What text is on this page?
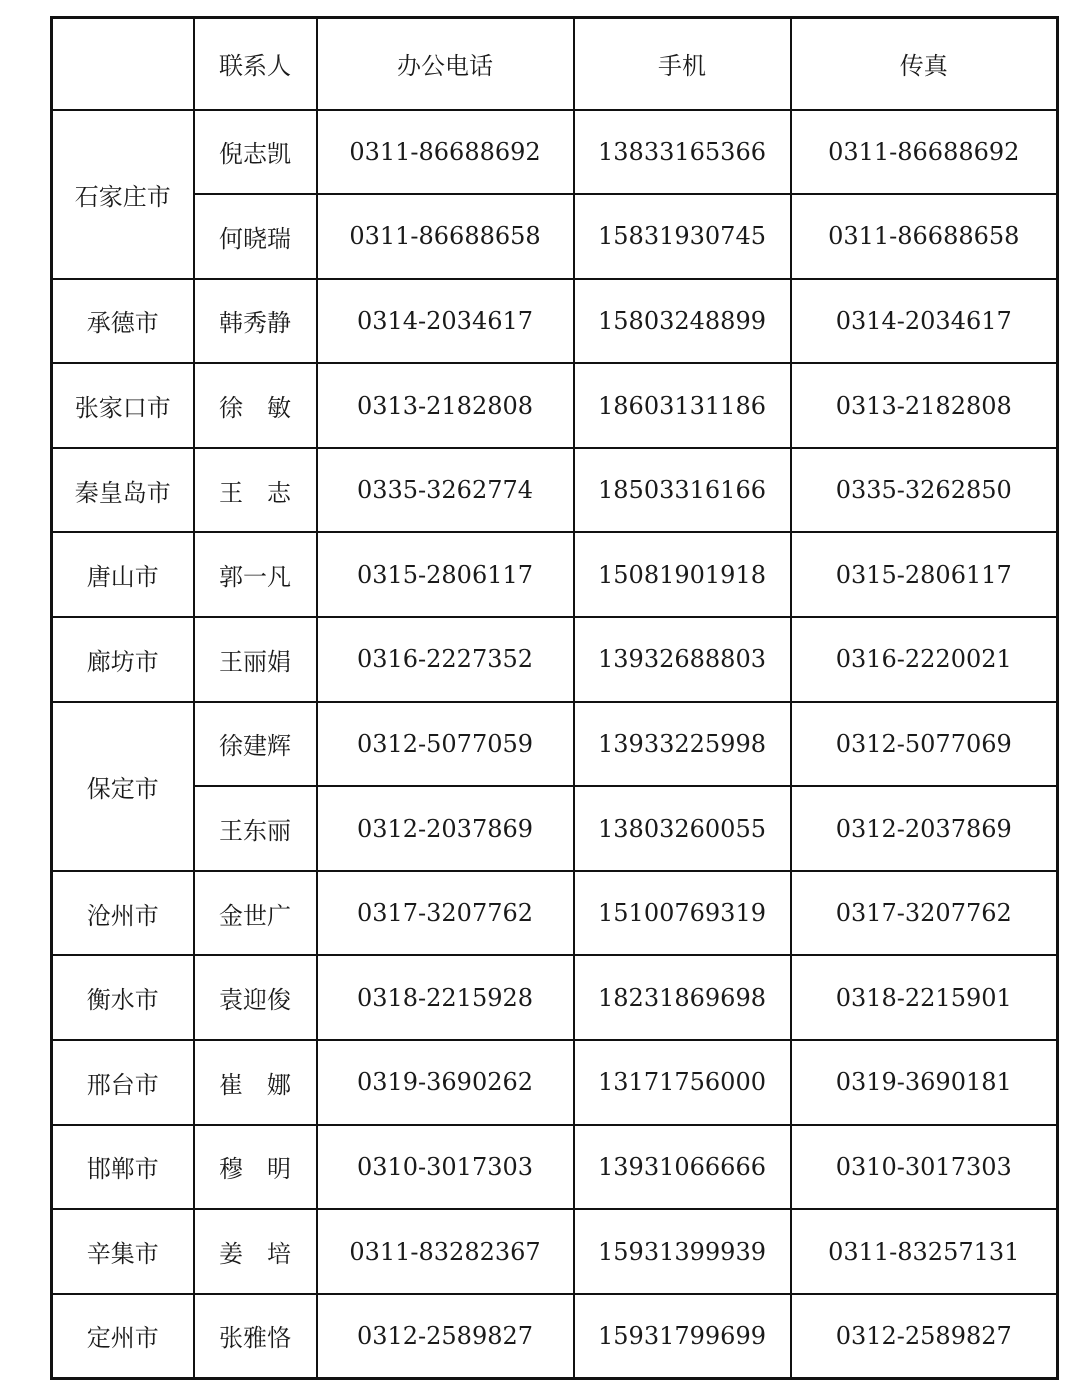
	联系人	办公电话	手机	传真
石家庄市	倪志凯	0311-86688692	13833165366	0311-86688692
	何晓瑞	0311-86688658	15831930745	0311-86688658
承德市	韩秀静	0314-2034617	15803248899	0314-2034617
张家口市	徐　敏	0313-2182808	18603131186	0313-2182808
秦皇岛市	王　志	0335-3262774	18503316166	0335-3262850
唐山市	郭一凡	0315-2806117	15081901918	0315-2806117
廊坊市	王丽娟	0316-2227352	13932688803	0316-2220021
保定市	徐建辉	0312-5077059	13933225998	0312-5077069
	王东丽	0312-2037869	13803260055	0312-2037869
沧州市	金世广	0317-3207762	15100769319	0317-3207762
衡水市	袁迎俊	0318-2215928	18231869698	0318-2215901
邢台市	崔　娜	0319-3690262	13171756000	0319-3690181
邯郸市	穆　明	0310-3017303	13931066666	0310-3017303
辛集市	姜　培	0311-83282367	15931399939	0311-83257131
定州市	张雅恪	0312-2589827	15931799699	0312-2589827
